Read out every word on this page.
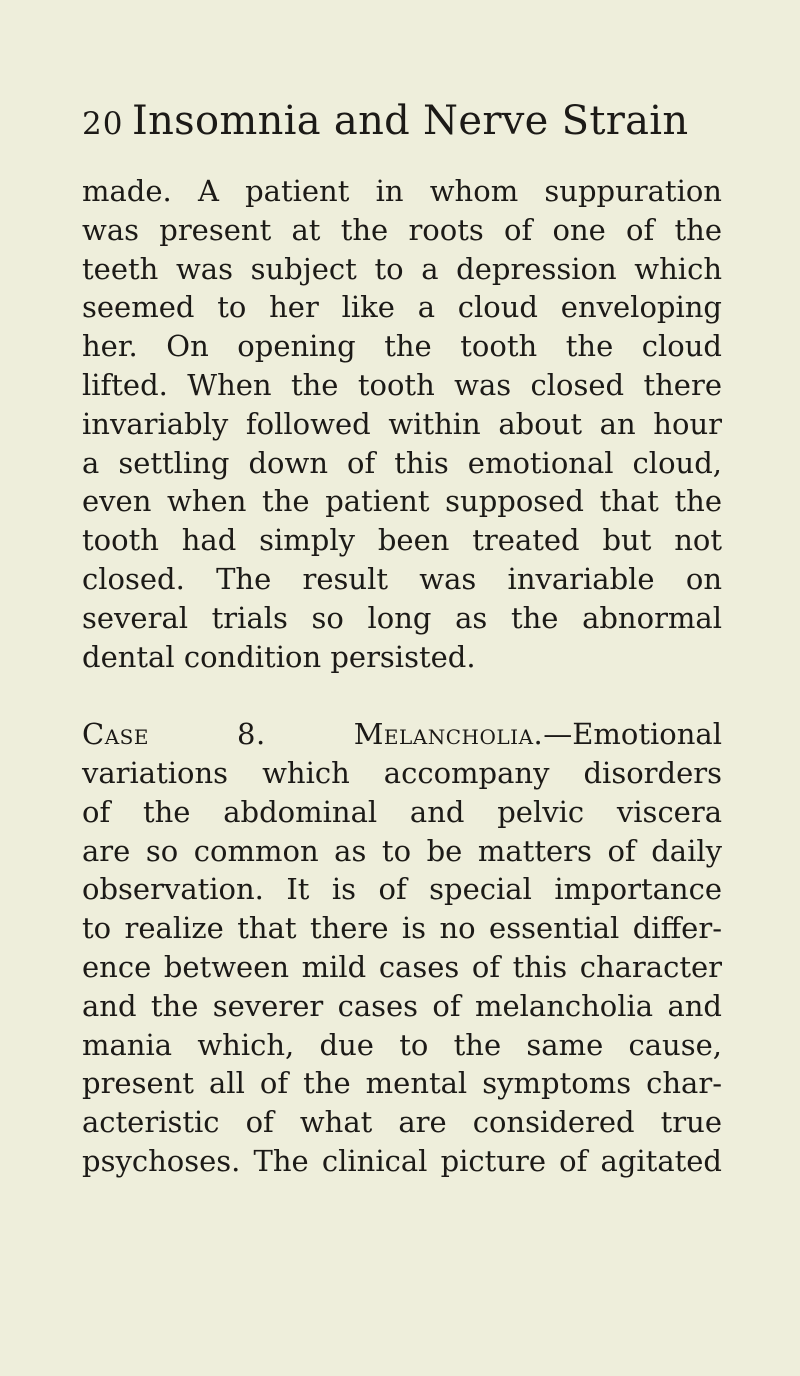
20 Insomnia and Nerve Strain
made. A patient in whom suppuration
was present at the roots of one of the
teeth was subject to a depression which
seemed to her like a cloud enveloping
her. On opening the tooth the cloud
lifted. When the tooth was closed there
invariably followed within about an hour
a settling down of this emotional cloud,
even when the patient supposed that the
tooth had simply been treated but not
closed. The result was invariable on
several trials so long as the abnormal
dental condition persisted.
Case 8. Melancholia.—Emotional
variations which accompany disorders
of the abdominal and pelvic viscera
are so common as to be matters of daily
observation. It is of special importance
to realize that there is no essential differ-
ence between mild cases of this character
and the severer cases of melancholia and
mania which, due to the same cause,
present all of the mental symptoms char-
acteristic of what are considered true
psychoses. The clinical picture of agitated
